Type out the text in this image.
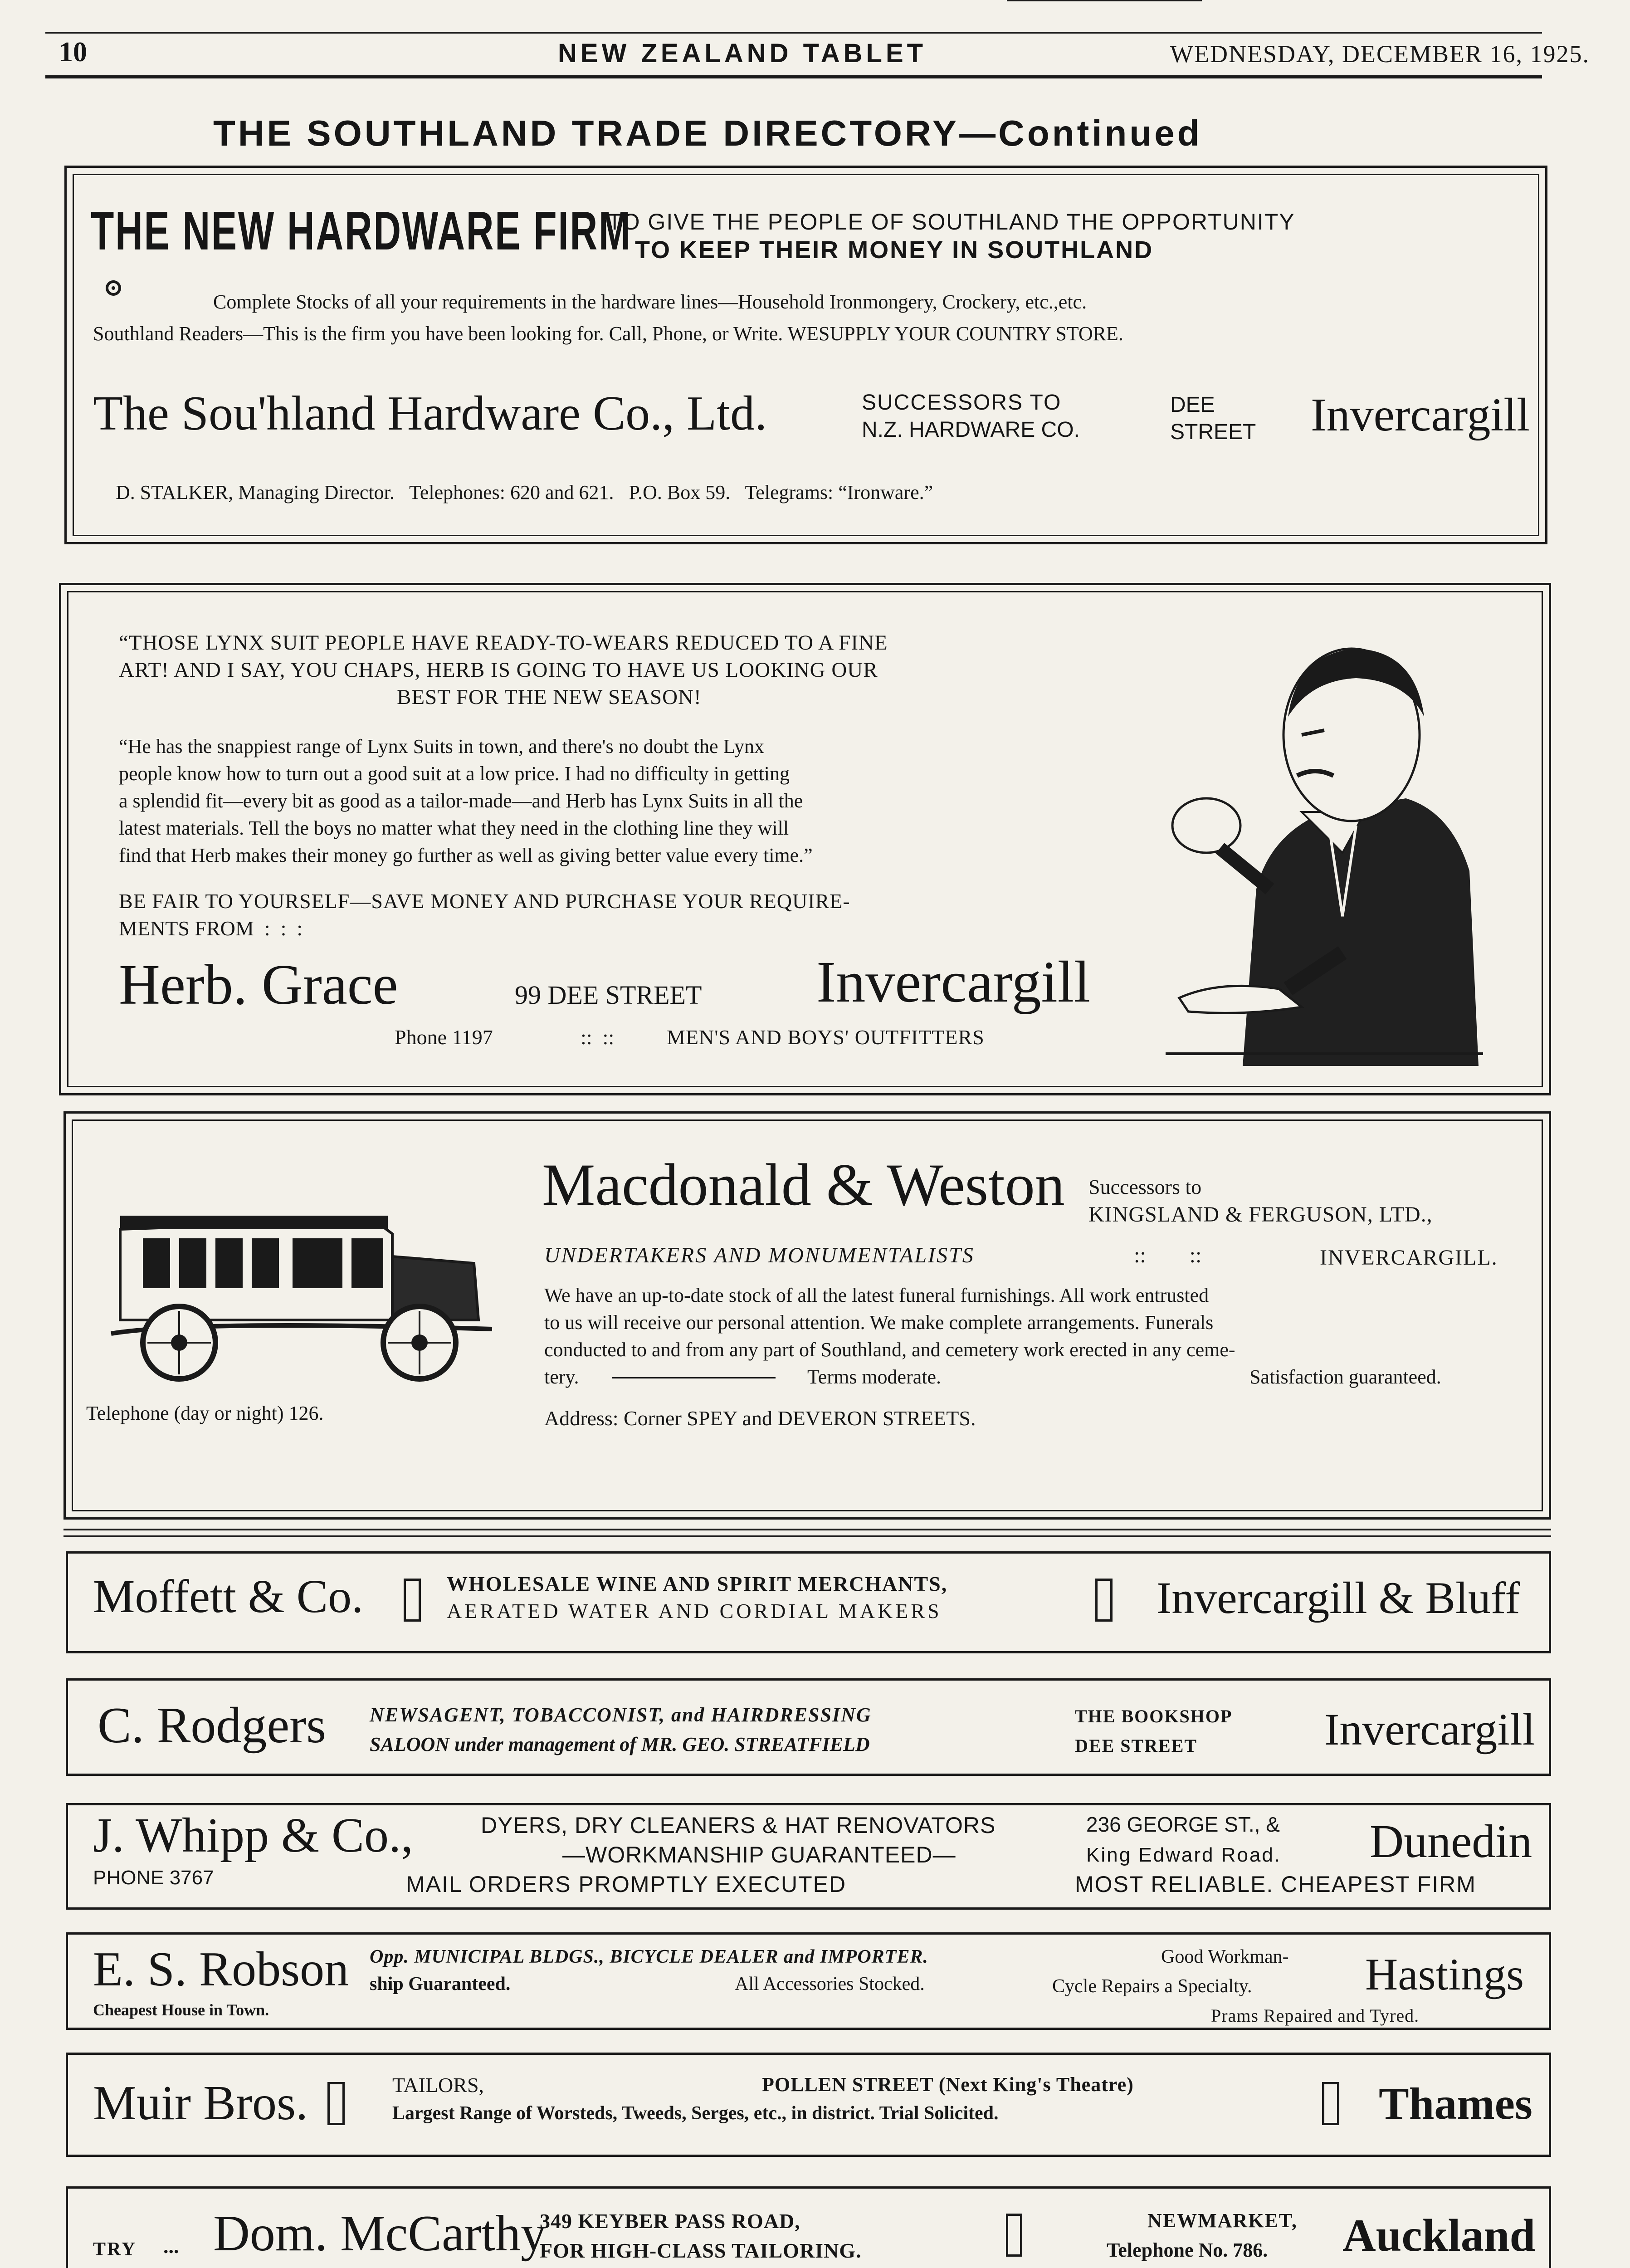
10	NEW ZEALAND TABLET	WEDNESDAY, DECEMBER 16, 1925.
THE SOUTHLAND TRADE DIRECTORY—Continued
THE NEW HARDWARE FIRM
TO GIVE THE PEOPLE OF SOUTHLAND THE OPPORTUNITY
TO KEEP THEIR MONEY IN SOUTHLAND
Complete Stocks of all your requirements in the hardware lines—Household Ironmongery, Crockery, etc.,etc.
Southland Readers—This is the firm you have been looking for. Call, Phone, or Write. WESUPPLY YOUR COUNTRY STORE.
The Sou'hland Hardware Co., Ltd.	SUCCESSORS TO
N.Z. HARDWARE CO.
DEE
STREET Invercargill
D. STALKER, Managing Director.   Telephones: 620 and 621.   P.O. Box 59.   Telegrams: “Ironware.”
“THOSE LYNX SUIT PEOPLE HAVE READY-TO-WEARS REDUCED TO A FINE
ART! AND I SAY, YOU CHAPS, HERB IS GOING TO HAVE US LOOKING OUR
BEST FOR THE NEW SEASON!
“He has the snappiest range of Lynx Suits in town, and there's no doubt the Lynx
people know how to turn out a good suit at a low price. I had no difficulty in getting
a splendid fit—every bit as good as a tailor-made—and Herb has Lynx Suits in all the
latest materials. Tell the boys no matter what they need in the clothing line they will
find that Herb makes their money go further as well as giving better value every time.”
BE FAIR TO YOURSELF—SAVE MONEY AND PURCHASE YOUR REQUIRE-
MENTS FROM  :  :  :
Herb. Grace	99 DEE STREET Invercargill
Phone 1197	::  ::	MEN'S AND BOYS' OUTFITTERS
Macdonald & Weston Successors to
KINGSLAND & FERGUSON, LTD.,
UNDERTAKERS AND MONUMENTALISTS	::        ::	INVERCARGILL.
We have an up-to-date stock of all the latest funeral furnishings. All work entrusted
to us will receive our personal attention. We make complete arrangements. Funerals
conducted to and from any part of Southland, and cemetery work erected in any ceme-
tery.	Terms moderate.	Satisfaction guaranteed.
Telephone (day or night) 126.	Address: Corner SPEY and DEVERON STREETS.
Moffett & Co.	WHOLESALE WINE AND SPIRIT MERCHANTS,
AERATED WATER AND CORDIAL MAKERS	Invercargill & Bluff
C. Rodgers NEWSAGENT, TOBACCONIST, and HAIRDRESSING
SALOON under management of MR. GEO. STREATFIELD
THE BOOKSHOP
DEE STREET	Invercargill
J. Whipp & Co.,
PHONE 3767
DYERS, DRY CLEANERS & HAT RENOVATORS
—WORKMANSHIP GUARANTEED—
MAIL ORDERS PROMPTLY EXECUTED
236 GEORGE ST., &
King Edward Road. Dunedin
MOST RELIABLE. CHEAPEST FIRM
E. S. Robson Opp. MUNICIPAL BLDGS., BICYCLE DEALER and IMPORTER.	Good Workman-
ship Guaranteed.	All Accessories Stocked.	Cycle Repairs a Specialty.
Cheapest House in Town.
Hastings
Prams Repaired and Tyred.
Muir Bros.	TAILORS,	POLLEN STREET (Next King's Theatre)
Largest Range of Worsteds, Tweeds, Serges, etc., in district. Trial Solicited.	Thames
TRY ... Dom. McCarthy
349 KEYBER PASS ROAD,
FOR HIGH-CLASS TAILORING.
NEWMARKET,
Telephone No. 786. Auckland
